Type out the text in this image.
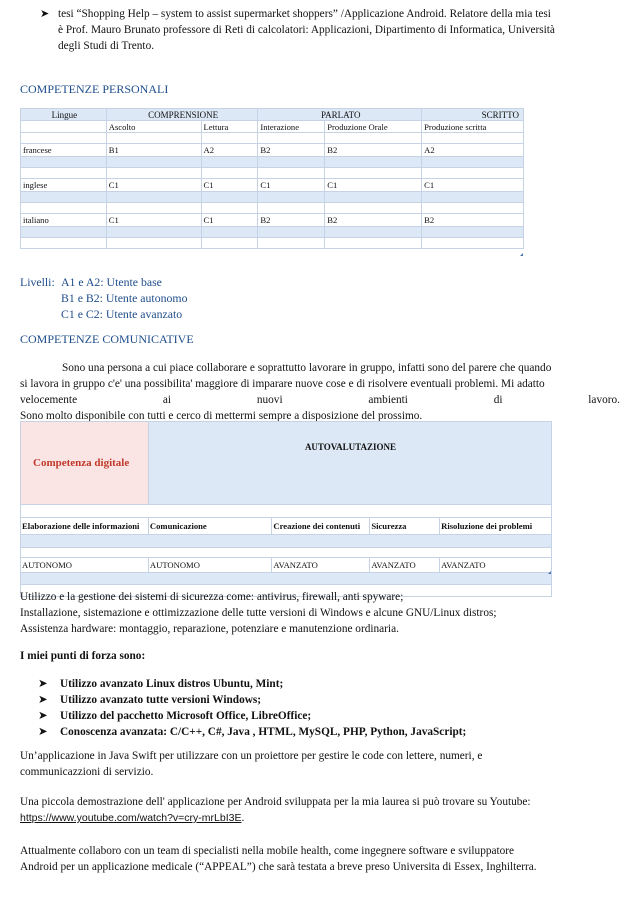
➤ tesi “Shopping Help – system to assist supermarket shoppers” /Applicazione Android. Relatore della mia tesi
è Prof. Mauro Brunato professore di Reti di calcolatori: Applicazioni, Dipartimento di Informatica, Università
degli Studi di Trento.
COMPETENZE PERSONALI
Lingue	COMPRENSIONE		PARLATO		SCRITTO
	Ascolto	Lettura	Interazione	Produzione Orale	Produzione scritta

francese	B1	A2	B2	B2	A2

inglese	C1	C1	C1	C1	C1

italiano	C1	C1	B2	B2	B2

Livelli: A1 e A2: Utente base
B1 e B2: Utente autonomo
C1 e C2: Utente avanzato
COMPETENZE COMUNICATIVE
Sono una persona a cui piace collaborare e soprattutto lavorare in gruppo, infatti sono del parere che quando
si lavora in gruppo c'e' una possibilita' maggiore di imparare nuove cose e di risolvere eventuali problemi. Mi adatto
velocemente	ai	nuovi	ambienti	di	lavoro.
Sono molto disponibile con tutti e cerco di mettermi sempre a disposizione del prossimo.
Competenza digitale	AUTOVALUTAZIONE			

Elaborazione delle informazioni	Comunicazione	Creazione dei contenuti	Sicurezza	Risoluzione dei problemi

AUTONOMO	AUTONOMO	AVANZATO	AVANZATO	AVANZATO

Utilizzo e la gestione dei sistemi di sicurezza come: antivirus, firewall, anti spyware;
Installazione, sistemazione e ottimizzazione delle tutte versioni di Windows e alcune GNU/Linux distros;
Assistenza hardware: montaggio, reparazione, potenziare e manutenzione ordinaria.
I miei punti di forza sono:
➤ Utilizzo avanzato Linux distros Ubuntu, Mint;
➤ Utilizzo avanzato tutte versioni Windows;
➤ Utilizzo del pacchetto Microsoft Office, LibreOffice;
➤ Conoscenza avanzata: C/C++, C#, Java , HTML, MySQL, PHP, Python, JavaScript;
Un’applicazione in Java Swift per utilizzare con un proiettore per gestire le code con lettere, numeri, e
communicazzioni di servizio.
Una piccola demostrazione dell' applicazione per Android sviluppata per la mia laurea si può trovare su Youtube:
https://www.youtube.com/watch?v=cry-mrLbI3E.
Attualmente collaboro con un team di specialisti nella mobile health, come ingegnere software e sviluppatore
Android per un applicazione medicale (“APPEAL”) che sarà testata a breve preso Universita di Essex, Inghilterra.
